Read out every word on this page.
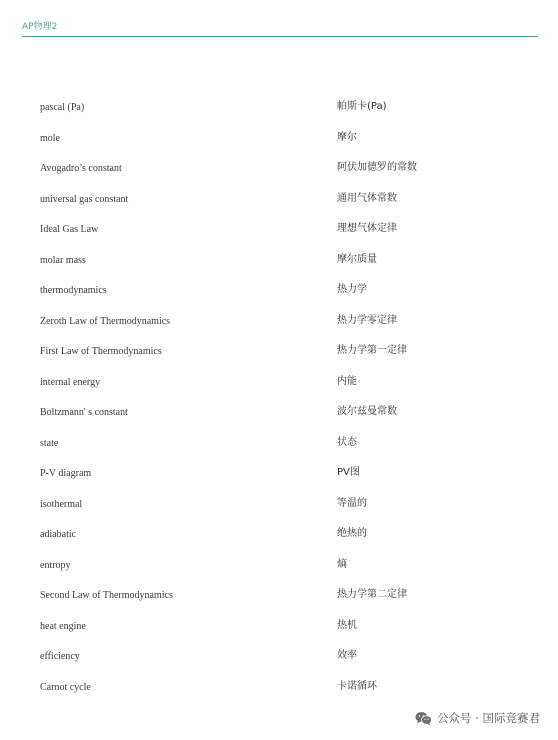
AP物理2
pascal (Pa)	帕斯卡(Pa)
mole	摩尔
Avogadro’s constant	阿伏加德罗的常数
universal gas constant	通用气体常数
Ideal Gas Law	理想气体定律
molar mass	摩尔质量
thermodynamics	热力学
Zeroth Law of Thermodynamics	热力学零定律
First Law of Thermodynamics	热力学第一定律
internal energy	内能
Boltzmann' s constant	波尔兹曼常数
state	状态
P-V diagram	PV图
isothermal	等温的
adiabatic	绝热的
entropy	熵
Second Law of Thermodynamics	热力学第二定律
heat engine	热机
efficiency	效率
Carnot cycle	卡诺循环
公众号 · 国际竞赛君
